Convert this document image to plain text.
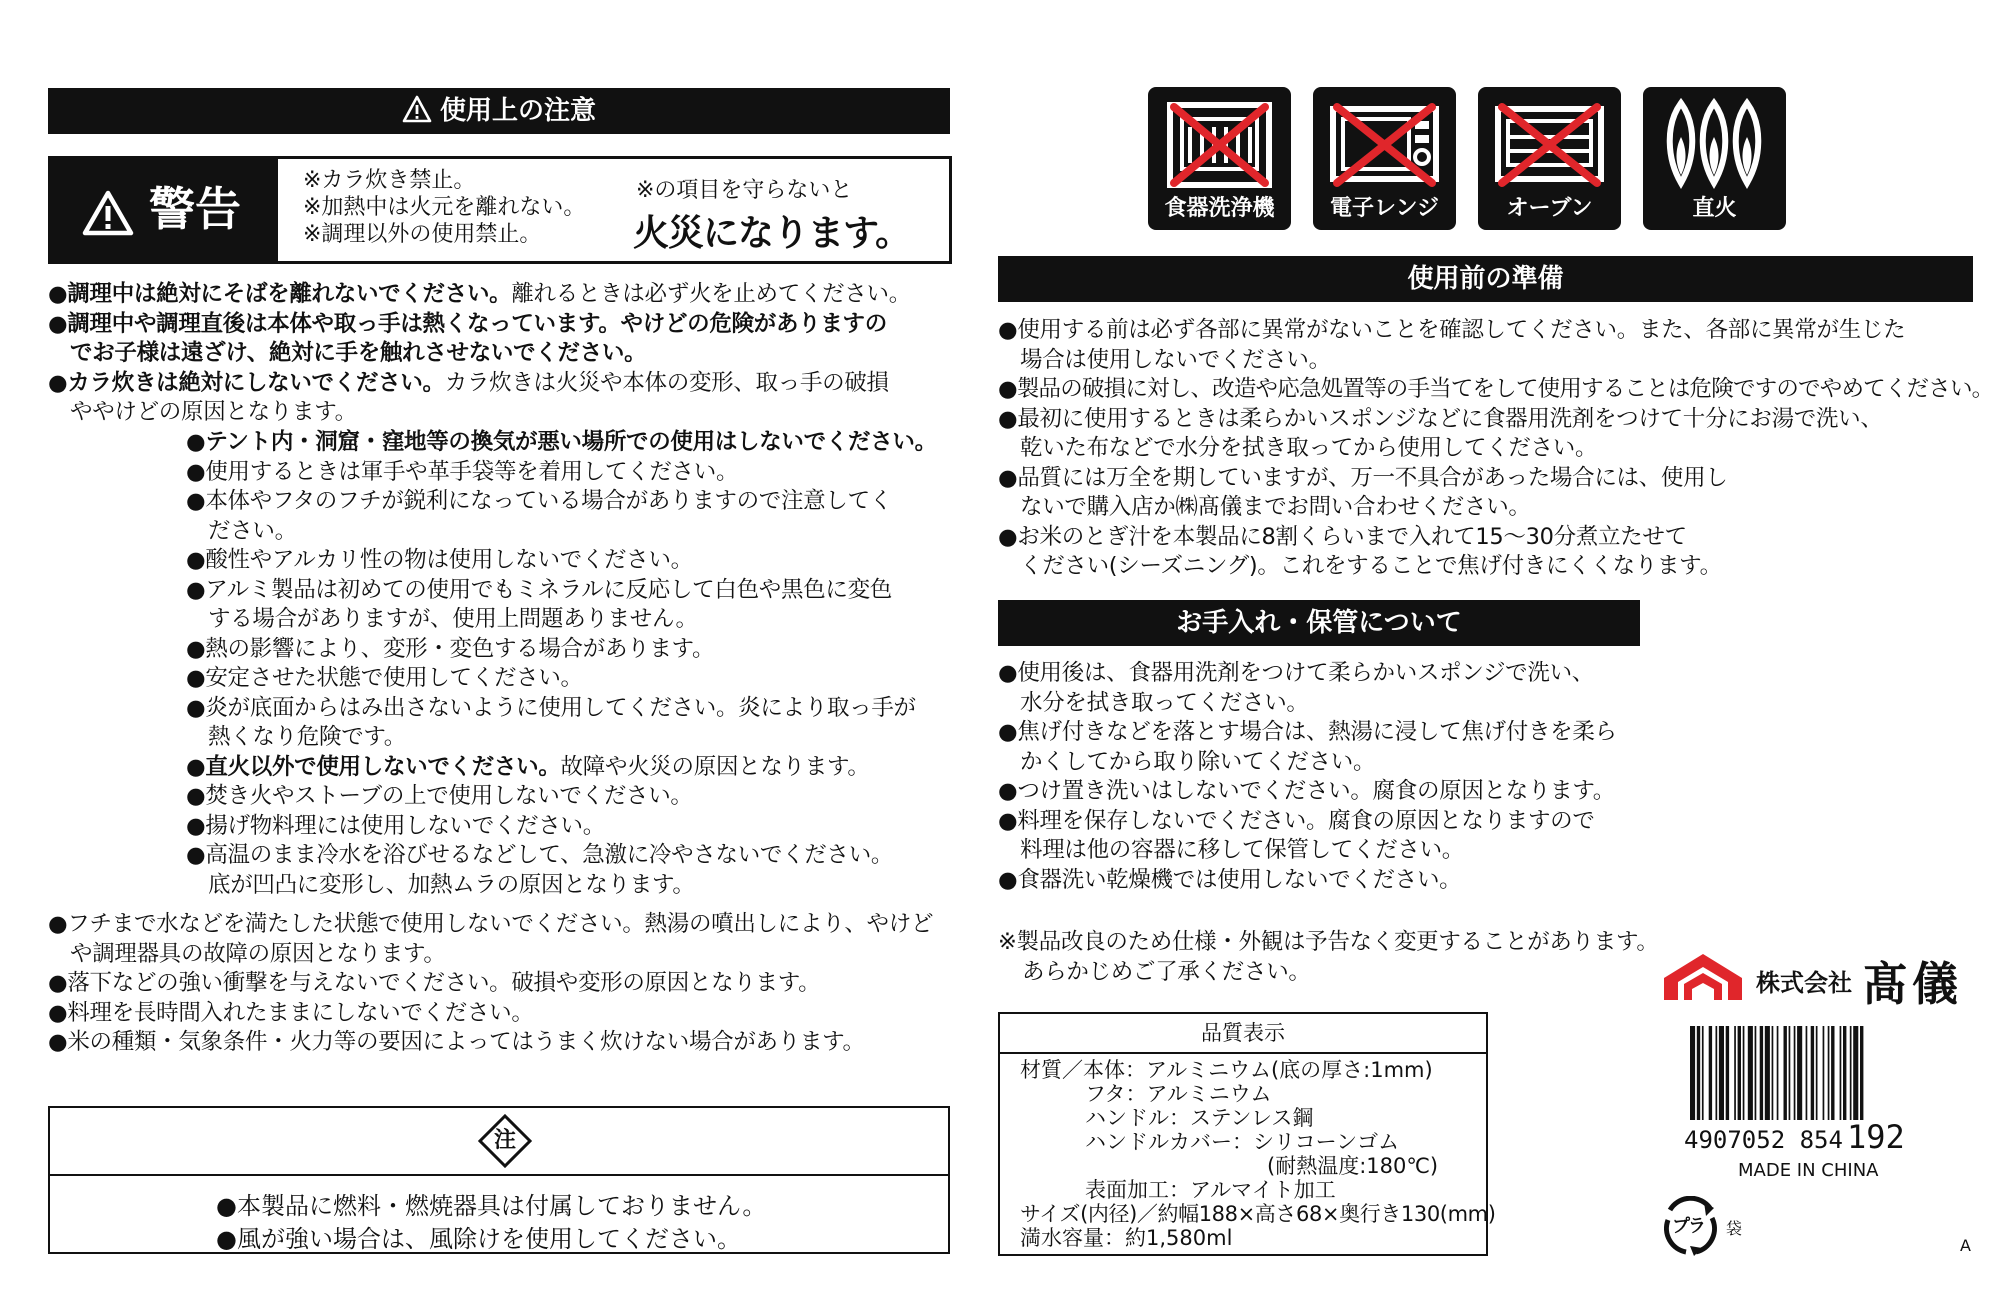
使用上の注意
警告
※カラ炊き禁止。
※加熱中は火元を離れない。
※調理以外の使用禁止。
※の項目を守らないと
火災になります。
●調理中は絶対にそばを離れないでください。離れるときは必ず火を止めてください。
●調理中や調理直後は本体や取っ手は熱くなっています。やけどの危険がありますの
でお子様は遠ざけ、絶対に手を触れさせないでください。
●カラ炊きは絶対にしないでください。カラ炊きは火災や本体の変形、取っ手の破損
ややけどの原因となります。
●テント内・洞窟・窪地等の換気が悪い場所での使用はしないでください。
●使用するときは軍手や革手袋等を着用してください。
●本体やフタのフチが鋭利になっている場合がありますので注意してく
ださい。
●酸性やアルカリ性の物は使用しないでください。
●アルミ製品は初めての使用でもミネラルに反応して白色や黒色に変色
する場合がありますが、使用上問題ありません。
●熱の影響により、変形・変色する場合があります。
●安定させた状態で使用してください。
●炎が底面からはみ出さないように使用してください。炎により取っ手が
熱くなり危険です。
●直火以外で使用しないでください。故障や火災の原因となります。
●焚き火やストーブの上で使用しないでください。
●揚げ物料理には使用しないでください。
●高温のまま冷水を浴びせるなどして、急激に冷やさないでください。
底が凹凸に変形し、加熱ムラの原因となります。
●フチまで水などを満たした状態で使用しないでください。熱湯の噴出しにより、やけど
や調理器具の故障の原因となります。
●落下などの強い衝撃を与えないでください。破損や変形の原因となります。
●料理を長時間入れたままにしないでください。
●米の種類・気象条件・火力等の要因によってはうまく炊けない場合があります。
注
●本製品に燃料・燃焼器具は付属しておりません。
●風が強い場合は、風除けを使用してください。
食器洗浄機	電子レンジ	オーブン	直火
使用前の準備
●使用する前は必ず各部に異常がないことを確認してください。また、各部に異常が生じた
場合は使用しないでください。
●製品の破損に対し、改造や応急処置等の手当てをして使用することは危険ですのでやめてください。
●最初に使用するときは柔らかいスポンジなどに食器用洗剤をつけて十分にお湯で洗い、
乾いた布などで水分を拭き取ってから使用してください。
●品質には万全を期していますが、万一不具合があった場合には、使用し
ないで購入店か㈱髙儀までお問い合わせください。
●お米のとぎ汁を本製品に8割くらいまで入れて15〜30分煮立たせて
ください(シーズニング)。これをすることで焦げ付きにくくなります。
お手入れ・保管について
●使用後は、食器用洗剤をつけて柔らかいスポンジで洗い、
水分を拭き取ってください。
●焦げ付きなどを落とす場合は、熱湯に浸して焦げ付きを柔ら
かくしてから取り除いてください。
●つけ置き洗いはしないでください。腐食の原因となります。
●料理を保存しないでください。腐食の原因となりますので
料理は他の容器に移して保管してください。
●食器洗い乾燥機では使用しないでください。
※製品改良のため仕様・外観は予告なく変更することがあります。
あらかじめご了承ください。
品質表示
材質／本体：アルミニウム(底の厚さ:1mm)
フタ：アルミニウム
ハンドル：ステンレス鋼
ハンドルカバー：シリコーンゴム
(耐熱温度:180℃)
表面加工：アルマイト加工
サイズ(内径)／約幅188×高さ68×奥行き130(mm)
満水容量：約1,580ml
株式会社 髙儀
4907052 854 192
MADE IN CHINA
プラ 袋
A
